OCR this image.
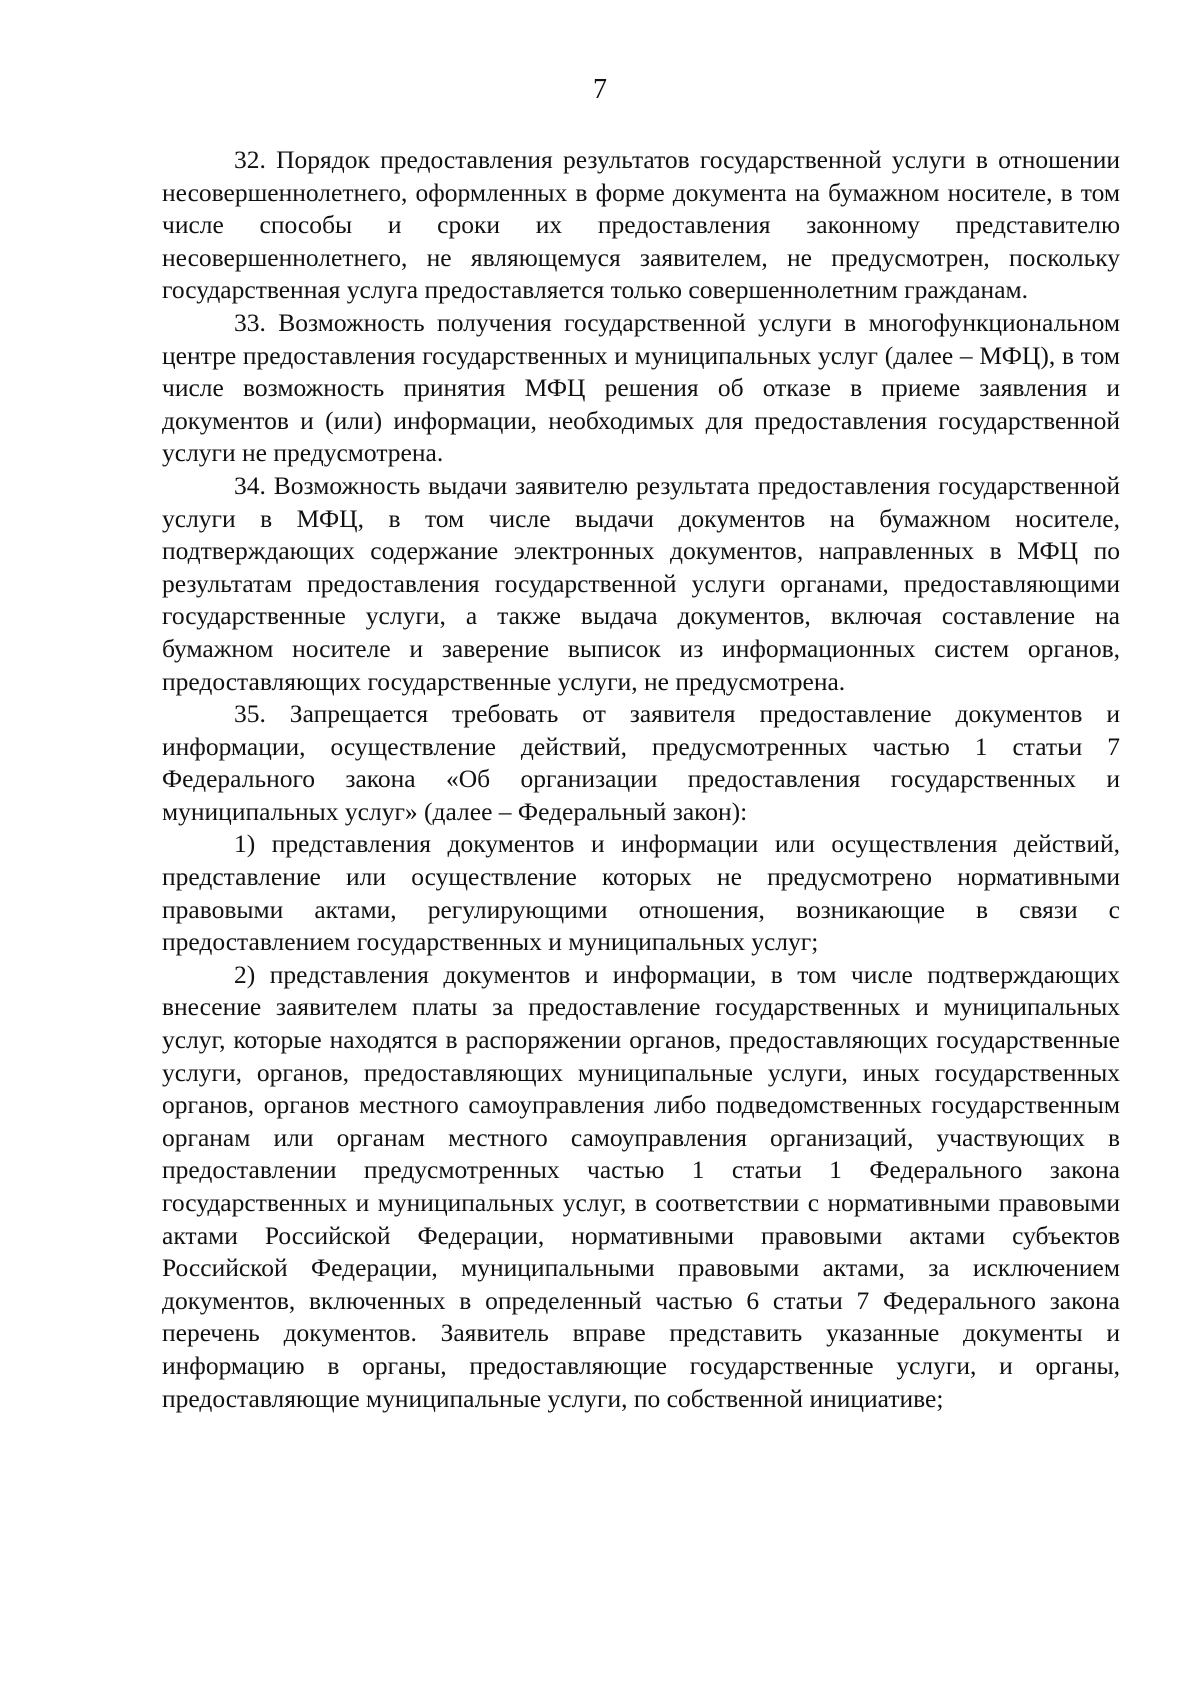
7

32. Порядок предоставления результатов государственной услуги в отношении несовершеннолетнего, оформленных в форме документа на бумажном носителе, в том числе способы и сроки их предоставления законному представителю несовершеннолетнего, не являющемуся заявителем, не предусмотрен, поскольку государственная услуга предоставляется только совершеннолетним гражданам.

33. Возможность получения государственной услуги в многофункциональном центре предоставления государственных и муниципальных услуг (далее – МФЦ), в том числе возможность принятия МФЦ решения об отказе в приеме заявления и документов и (или) информации, необходимых для предоставления государственной услуги не предусмотрена.

34. Возможность выдачи заявителю результата предоставления государственной услуги в МФЦ, в том числе выдачи документов на бумажном носителе, подтверждающих содержание электронных документов, направленных в МФЦ по результатам предоставления государственной услуги органами, предоставляющими государственные услуги, а также выдача документов, включая составление на бумажном носителе и заверение выписок из информационных систем органов, предоставляющих государственные услуги, не предусмотрена.

35. Запрещается требовать от заявителя предоставление документов и информации, осуществление действий, предусмотренных частью 1 статьи 7 Федерального закона «Об организации предоставления государственных и муниципальных услуг» (далее – Федеральный закон):

1) представления документов и информации или осуществления действий, представление или осуществление которых не предусмотрено нормативными правовыми актами, регулирующими отношения, возникающие в связи с предоставлением государственных и муниципальных услуг;

2) представления документов и информации, в том числе подтверждающих внесение заявителем платы за предоставление государственных и муниципальных услуг, которые находятся в распоряжении органов, предоставляющих государственные услуги, органов, предоставляющих муниципальные услуги, иных государственных органов, органов местного самоуправления либо подведомственных государственным органам или органам местного самоуправления организаций, участвующих в предоставлении предусмотренных частью 1 статьи 1 Федерального закона государственных и муниципальных услуг, в соответствии с нормативными правовыми актами Российской Федерации, нормативными правовыми актами субъектов Российской Федерации, муниципальными правовыми актами, за исключением документов, включенных в определенный частью 6 статьи 7 Федерального закона перечень документов. Заявитель вправе представить указанные документы и информацию в органы, предоставляющие государственные услуги, и органы, предоставляющие муниципальные услуги, по собственной инициативе;
